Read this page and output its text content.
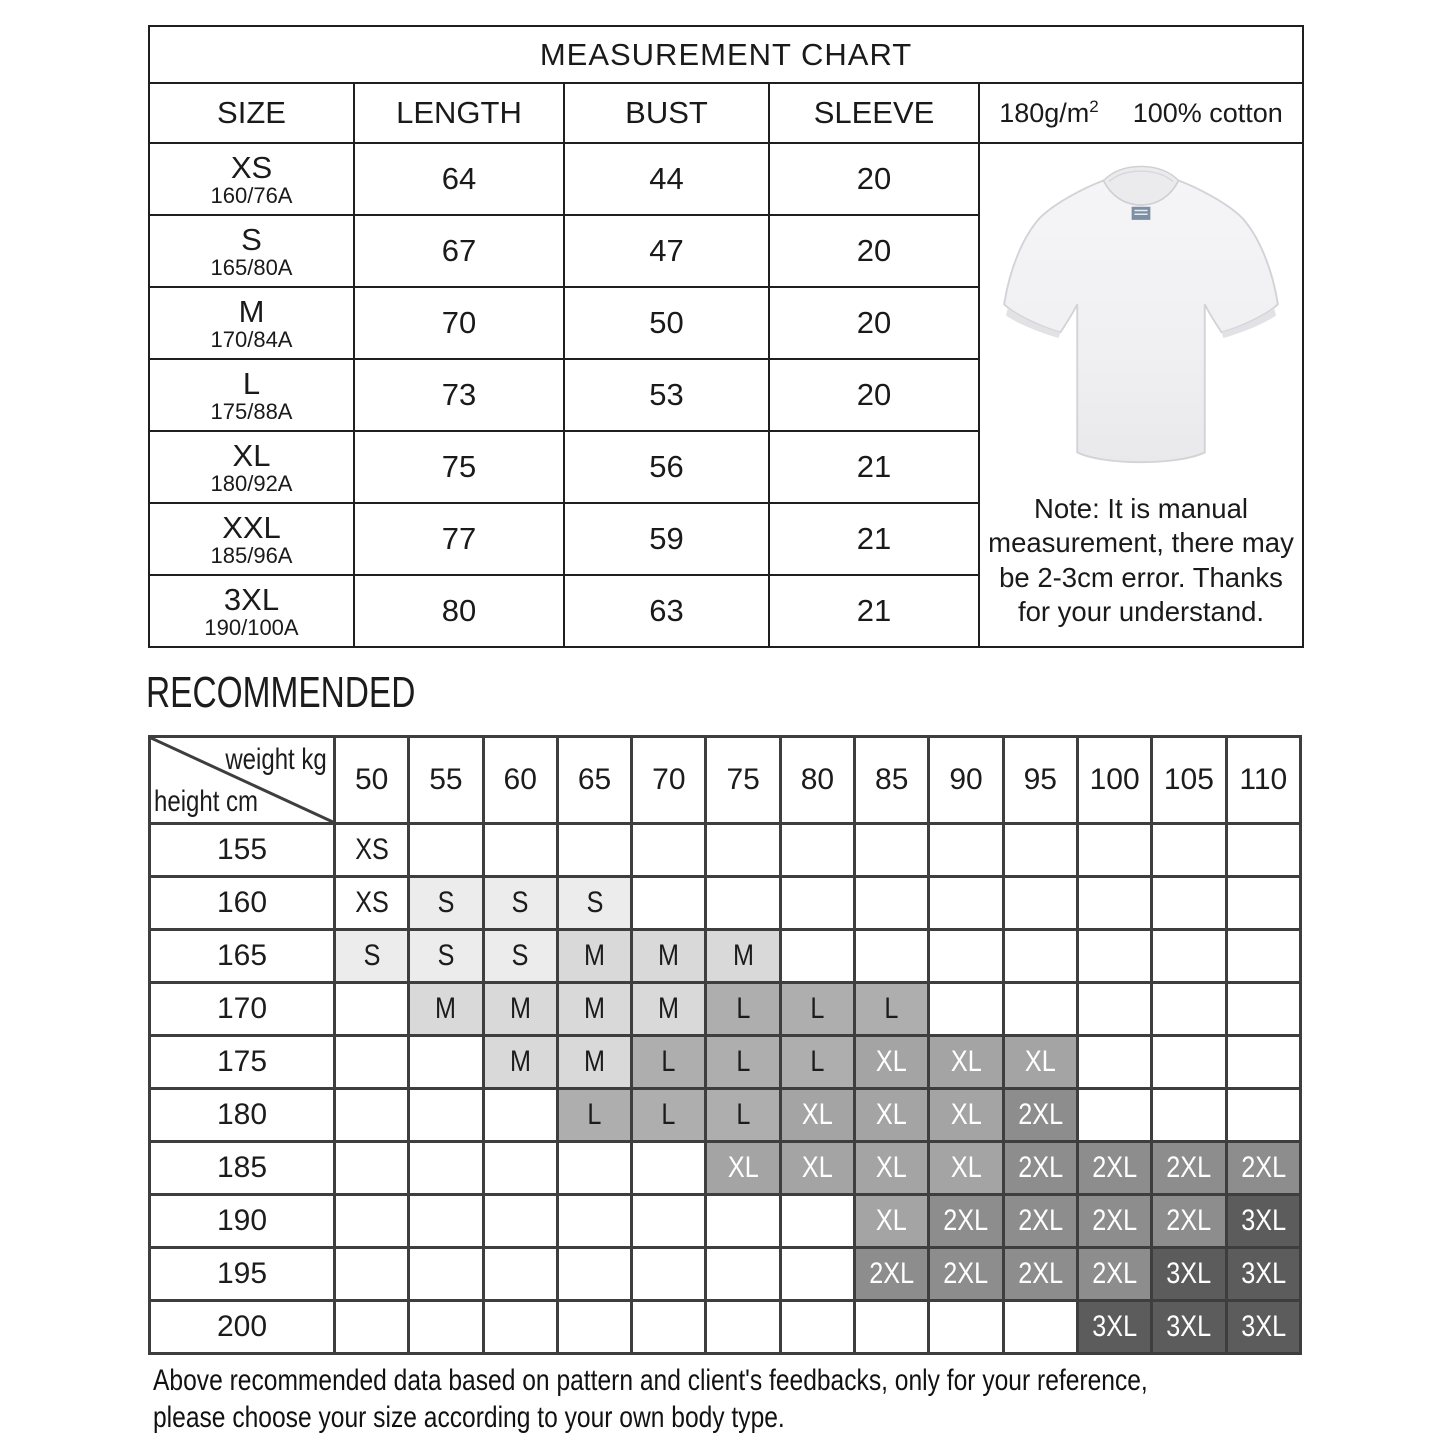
MEASUREMENT CHART				
SIZE	LENGTH	BUST	SLEEVE	$180g/m^2$ 100% cotton

XS
160/76A	64	44	20	Note: It is manual measurement, there may be 2-3cm error. Thanks for your understand.

S
165/80A	67	47	20	

M
170/84A	70	50	20	

L
175/88A	73	53	20	

XL
180/92A	75	56	21	

XXL
185/96A	77	59	21	

3XL
190/100A	80	63	21	
RECOMMENDED
weight kg
height cm	50	55	60	65	70	75	80	85	90	95	100	105	110
155	XS												
160	XS	S	S	S									
165	S	S	S	M	M	M							
170		M	M	M	M	L	L	L					
175			M	M	L	L	L	XL	XL	XL			
180				L	L	L	XL	XL	XL	2XL			
185						XL	XL	XL	XL	2XL	2XL	2XL	2XL
190								XL	2XL	2XL	2XL	2XL	3XL
195								2XL	2XL	2XL	2XL	3XL	3XL
200											3XL	3XL	3XL
Above recommended data based on pattern and client's feedbacks, only for your reference,
please choose your size according to your own body type.
